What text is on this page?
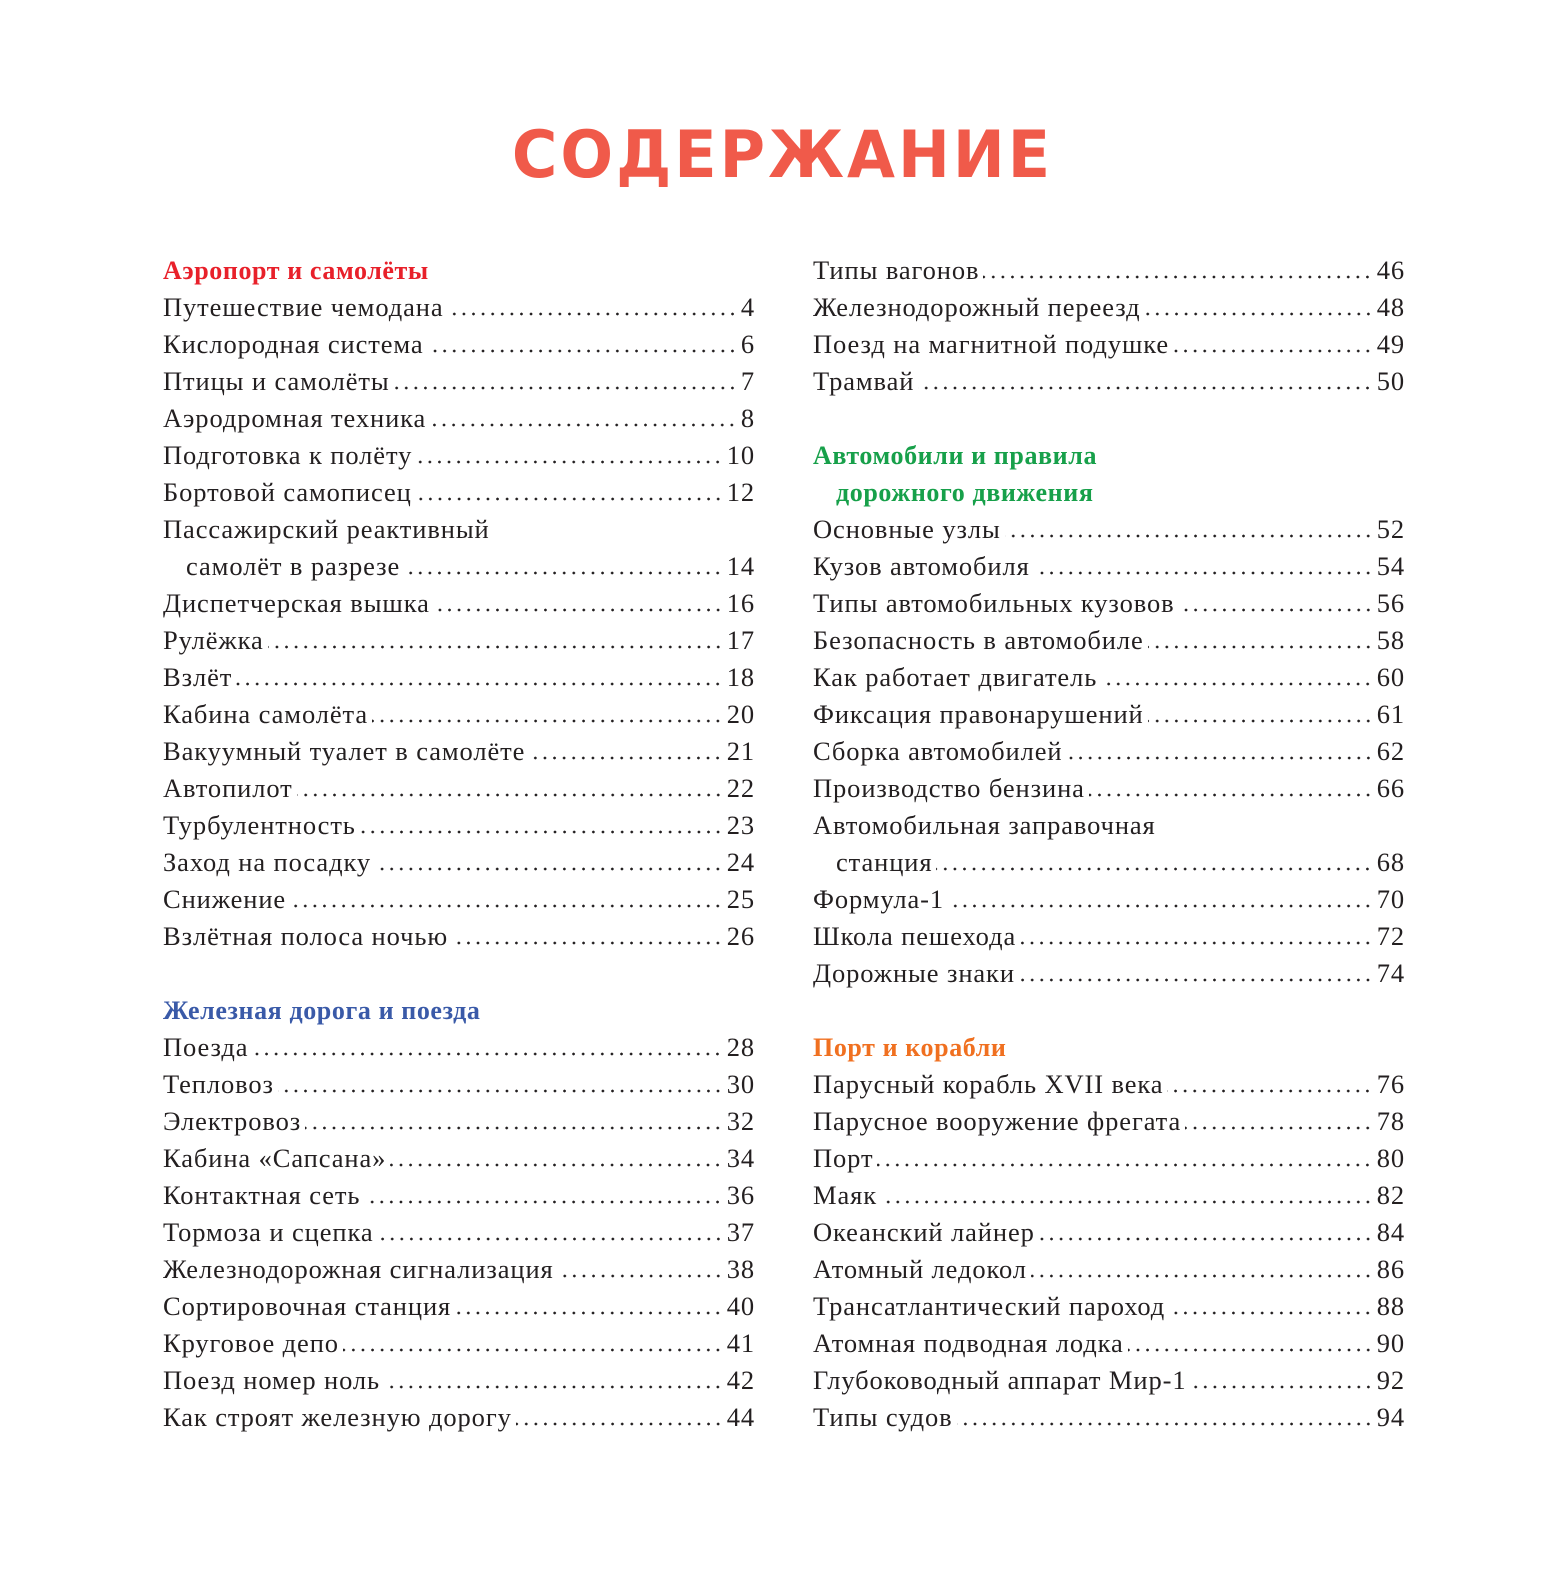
СОДЕРЖАНИЕ
Аэропорт и самолёты
Путешествие чемодана	4
Кислородная система	6
Птицы и самолёты	7
Аэродромная техника	8
Подготовка к полёту	10
Бортовой самописец	12
Пассажирский реактивный
самолёт в разрезе	14
Диспетчерская вышка	16
Рулёжка	17
Взлёт	18
Кабина самолёта	20
Вакуумный туалет в самолёте	21
Автопилот	22
Турбулентность	23
Заход на посадку	24
Снижение	25
Взлётная полоса ночью	26
Железная дорога и поезда
Поезда	28
Тепловоз	30
Электровоз	32
Кабина «Сапсана»	34
Контактная сеть	36
Тормоза и сцепка	37
Железнодорожная сигнализация	38
Сортировочная станция	40
Круговое депо	41
Поезд номер ноль	42
Как строят железную дорогу	44
Типы вагонов	46
Железнодорожный переезд	48
Поезд на магнитной подушке	49
Трамвай	50
Автомобили и правила

дорожного движения
Основные узлы	52
Кузов автомобиля	54
Типы автомобильных кузовов	56
Безопасность в автомобиле	58
Как работает двигатель	60
Фиксация правонарушений	61
Сборка автомобилей	62
Производство бензина	66
Автомобильная заправочная
станция	68
Формула-1	70
Школа пешехода	72
Дорожные знаки	74
Порт и корабли
Парусный корабль XVII века	76
Парусное вооружение фрегата	78
Порт	80
Маяк	82
Океанский лайнер	84
Атомный ледокол	86
Трансатлантический пароход	88
Атомная подводная лодка	90
Глубоководный аппарат Мир-1	92
Типы судов	94
